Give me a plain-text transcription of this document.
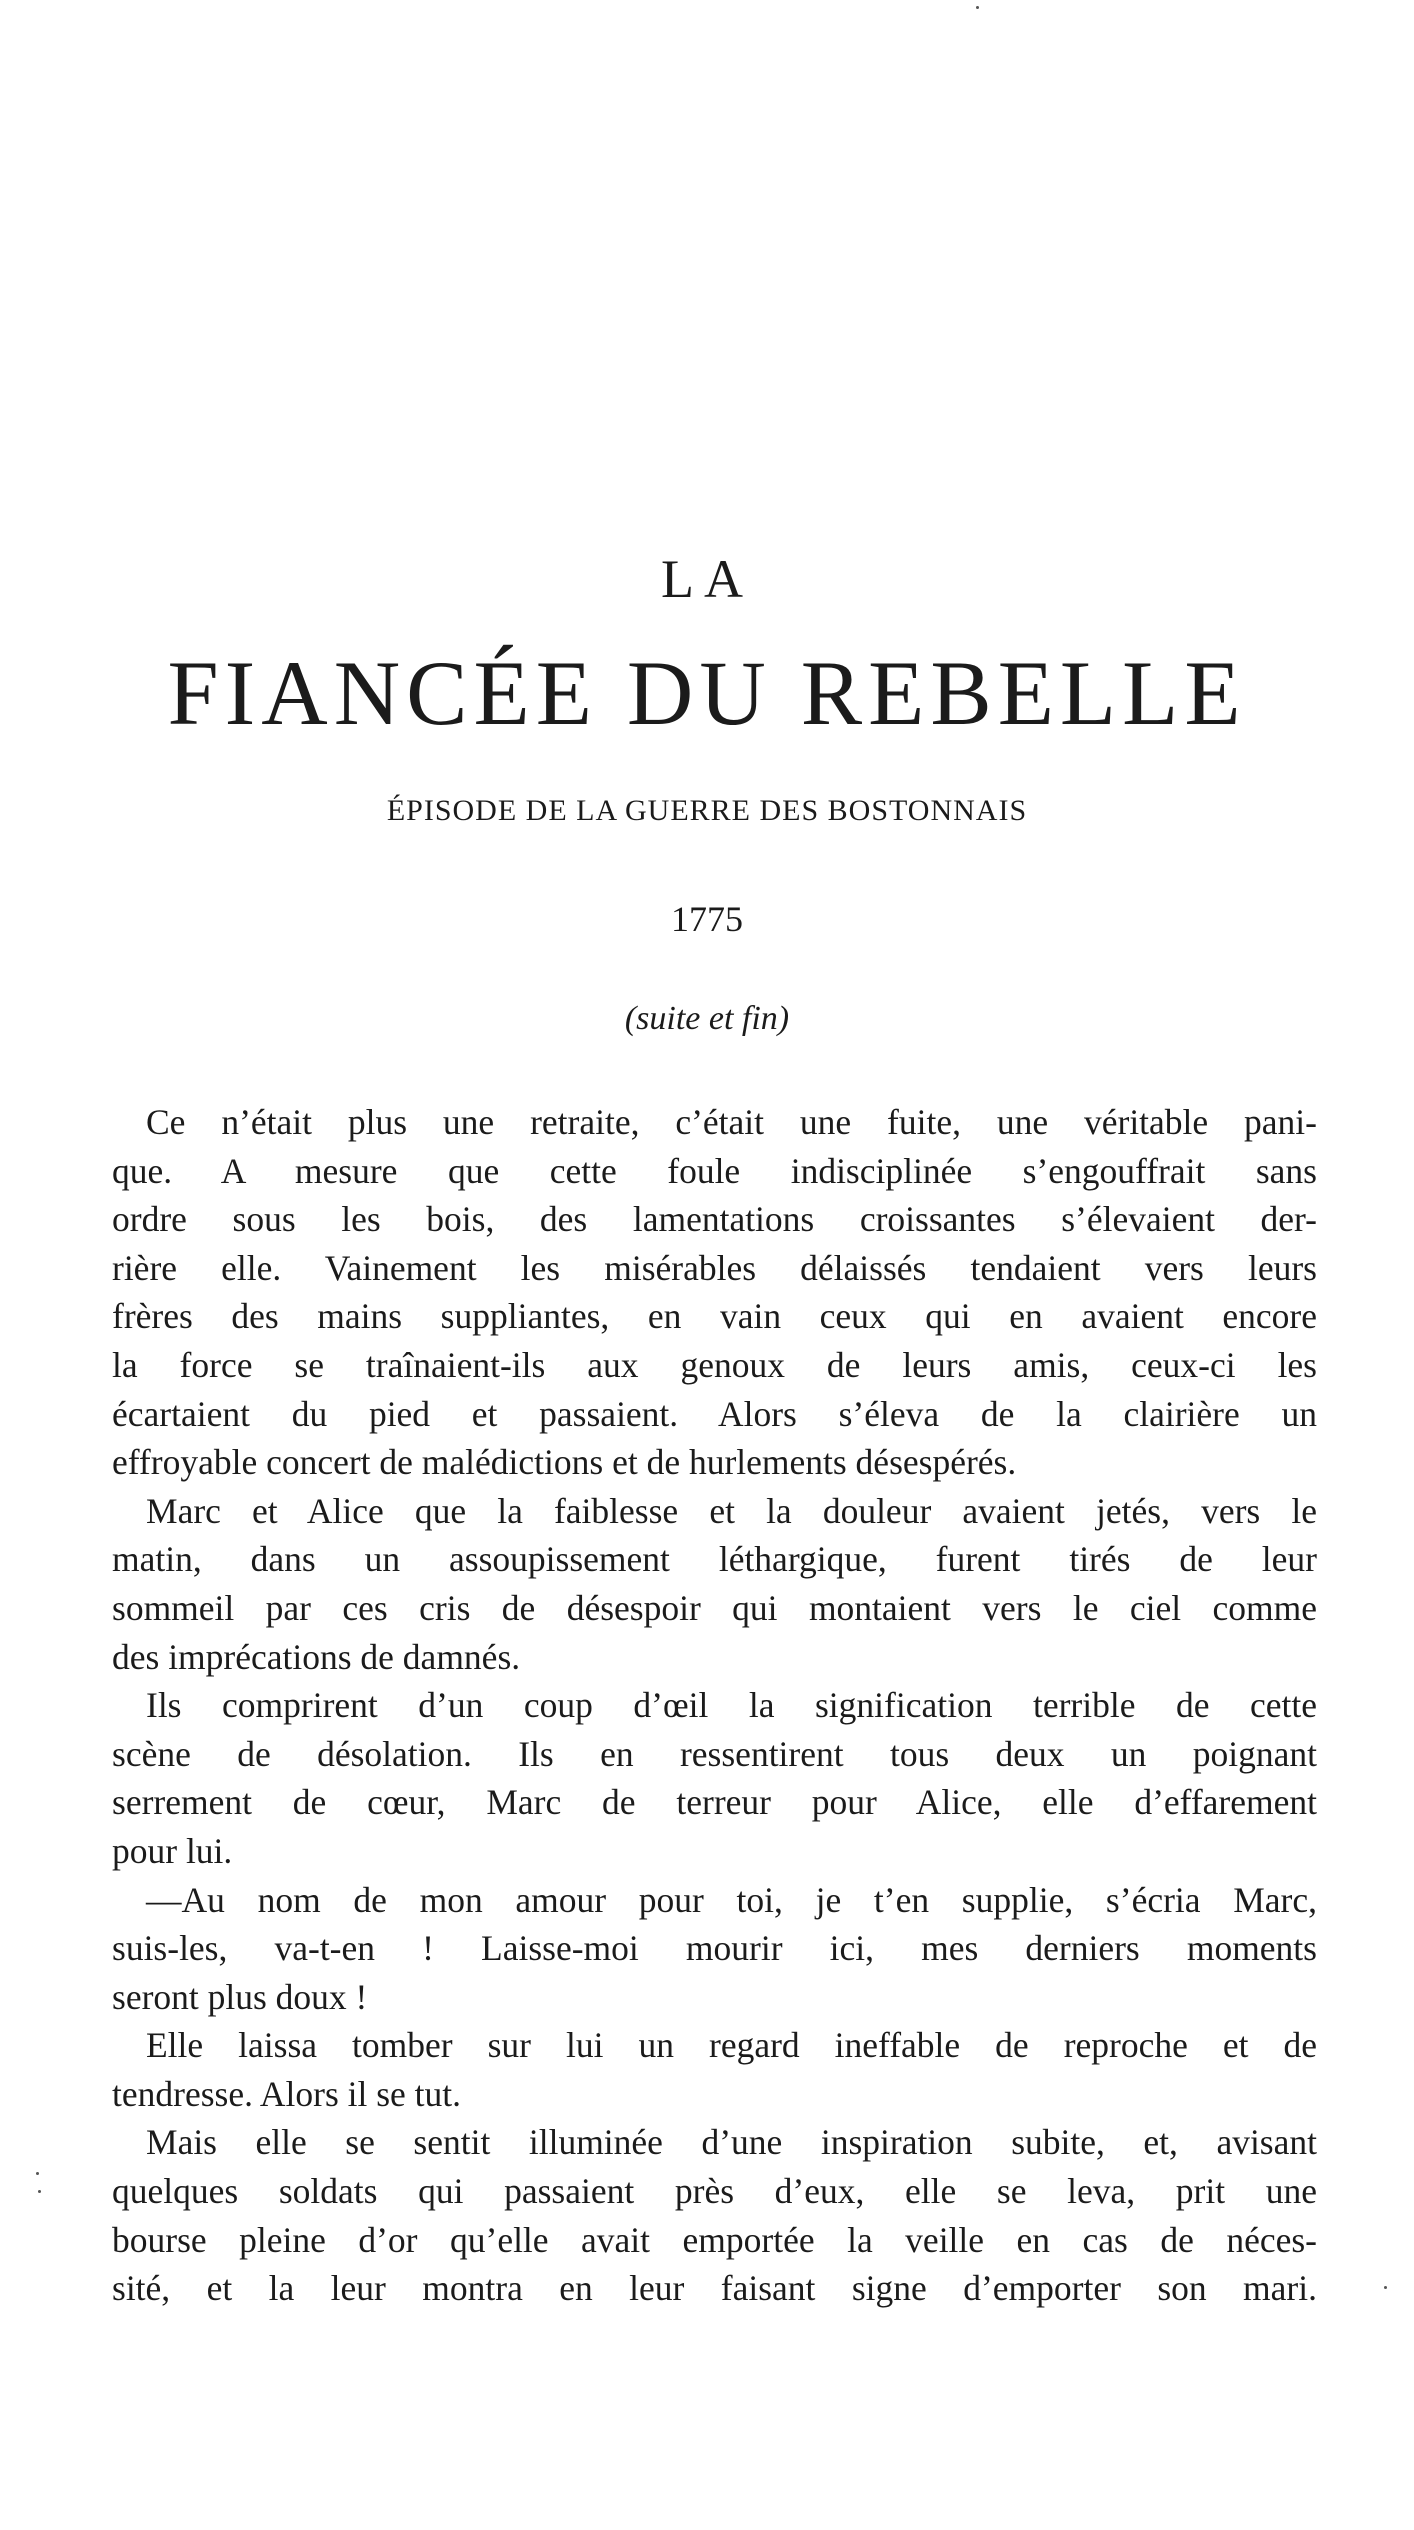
LA
FIANCÉE DU REBELLE
ÉPISODE DE LA GUERRE DES BOSTONNAIS
1775
(suite et fin)
Ce n’était plus une retraite, c’était une fuite, une véritable pani-
que. A mesure que cette foule indisciplinée s’engouffrait sans
ordre sous les bois, des lamentations croissantes s’élevaient der-
rière elle. Vainement les misérables délaissés tendaient vers leurs
frères des mains suppliantes, en vain ceux qui en avaient encore
la force se traînaient-ils aux genoux de leurs amis, ceux-ci les
écartaient du pied et passaient. Alors s’éleva de la clairière un
effroyable concert de malédictions et de hurlements désespérés.
Marc et Alice que la faiblesse et la douleur avaient jetés, vers le
matin, dans un assoupissement léthargique, furent tirés de leur
sommeil par ces cris de désespoir qui montaient vers le ciel comme
des imprécations de damnés.
Ils comprirent d’un coup d’œil la signification terrible de cette
scène de désolation. Ils en ressentirent tous deux un poignant
serrement de cœur, Marc de terreur pour Alice, elle d’effarement
pour lui.
—Au nom de mon amour pour toi, je t’en supplie, s’écria Marc,
suis-les, va-t-en ! Laisse-moi mourir ici, mes derniers moments
seront plus doux !
Elle laissa tomber sur lui un regard ineffable de reproche et de
tendresse. Alors il se tut.
Mais elle se sentit illuminée d’une inspiration subite, et, avisant
quelques soldats qui passaient près d’eux, elle se leva, prit une
bourse pleine d’or qu’elle avait emportée la veille en cas de néces-
sité, et la leur montra en leur faisant signe d’emporter son mari.
